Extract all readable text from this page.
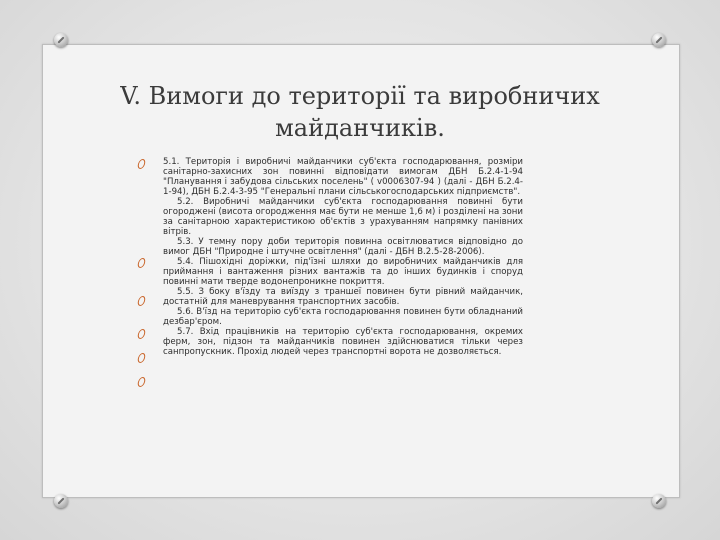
V. Вимоги до території та виробничих майданчиків.

5.1. Територія і виробничі майданчики суб'єкта господарювання, розміри санітарно-захисних зон повинні відповідати вимогам ДБН Б.2.4-1-94 "Планування і забудова сільських поселень" ( v0006307-94 ) (далі - ДБН Б.2.4-1-94), ДБН Б.2.4-3-95 "Генеральні плани сільськогосподарських підприємств".

5.2. Виробничі майданчики суб'єкта господарювання повинні бути огороджені (висота огородження має бути не менше 1,6 м) і розділені на зони за санітарною характеристикою об'єктів з урахуванням напрямку панівних вітрів.

5.3. У темну пору доби територія повинна освітлюватися відповідно до вимог ДБН "Природне і штучне освітлення" (далі - ДБН В.2.5-28-2006).

5.4. Пішохідні доріжки, під'їзні шляхи до виробничих майданчиків для приймання і вантаження різних вантажів та до інших будинків і споруд повинні мати тверде водонепроникне покриття.

5.5. З боку в'їзду та виїзду з траншеї повинен бути рівний майданчик, достатній для маневрування транспортних засобів.

5.6. В'їзд на територію суб'єкта господарювання повинен бути обладнаний дезбар'єром.

5.7. Вхід працівників на територію суб'єкта господарювання, окремих ферм, зон, підзон та майданчиків повинен здійснюватися тільки через санпропускник. Прохід людей через транспортні ворота не дозволяється.
